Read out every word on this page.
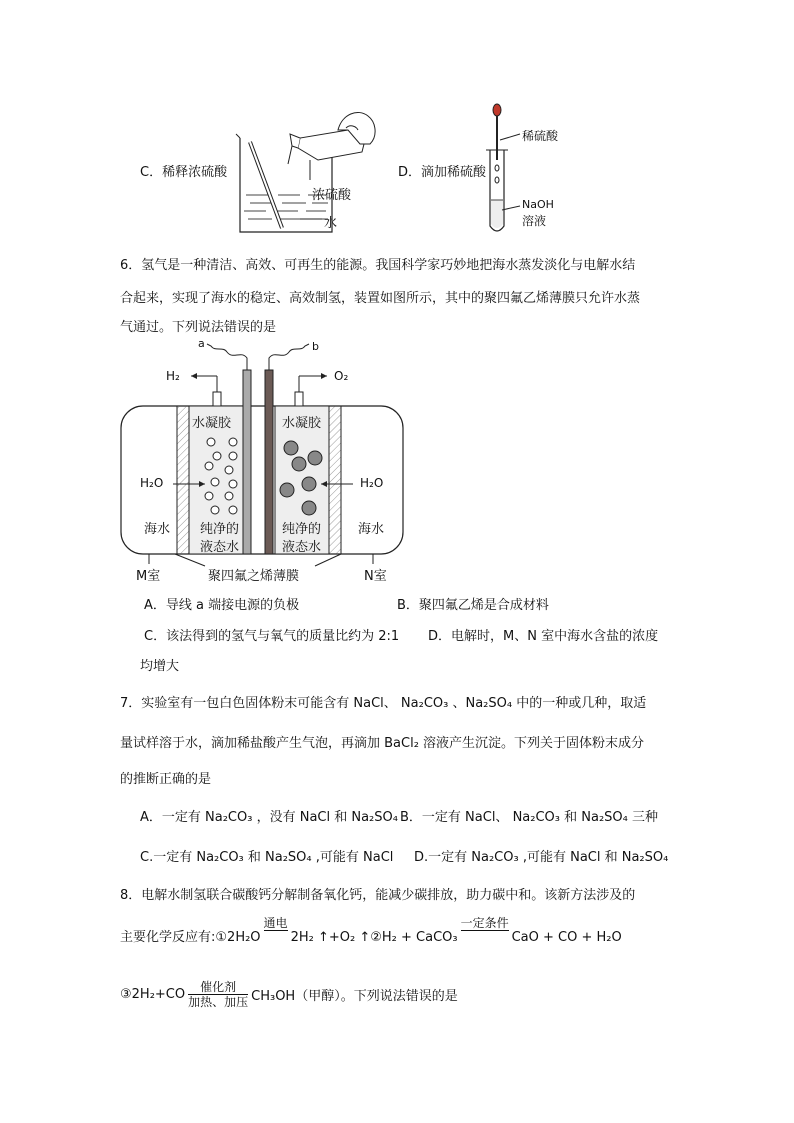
C．稀释浓硫酸
浓硫酸
水
D．滴加稀硫酸
稀硫酸
NaOH
溶液
6．氢气是一种清洁、高效、可再生的能源。我国科学家巧妙地把海水蒸发淡化与电解水结
合起来，实现了海水的稳定、高效制氢，装置如图所示，其中的聚四氟乙烯薄膜只允许水蒸
气通过。下列说法错误的是
a	b
H₂	O₂
水凝胶	水凝胶
H₂O	H₂O
海水	海水
纯净的
液态水
纯净的
液态水
M室	聚四氟之烯薄膜	N室
A．导线 a 端接电源的负极	B．聚四氟乙烯是合成材料
C．该法得到的氢气与氧气的质量比约为 2:1 D．电解时，M、N 室中海水含盐的浓度
均增大
7．实验室有一包白色固体粉末可能含有 NaCl、 Na₂CO₃ 、Na₂SO₄ 中的一种或几种，取适
量试样溶于水，滴加稀盐酸产生气泡，再滴加 BaCl₂ 溶液产生沉淀。下列关于固体粉末成分
的推断正确的是
A．一定有 Na₂CO₃ ，没有 NaCl 和 Na₂SO₄ B．一定有 NaCl、 Na₂CO₃ 和 Na₂SO₄ 三种
C.一定有 Na₂CO₃ 和 Na₂SO₄ ,可能有 NaCl D.一定有 Na₂CO₃ ,可能有 NaCl 和 Na₂SO₄
8．电解水制氢联合碳酸钙分解制备氧化钙，能减少碳排放，助力碳中和。该新方法涉及的
主要化学反应有:① 2H₂O
通电

2H₂ ↑+O₂ ↑ ② H₂ + CaCO₃
一定条件

CaO + CO + H₂O
③2H₂+CO $\frac{\text{催化剂}}{\text{加热、加压}} CH_3OH$（甲醇）。下列说法错误的是
